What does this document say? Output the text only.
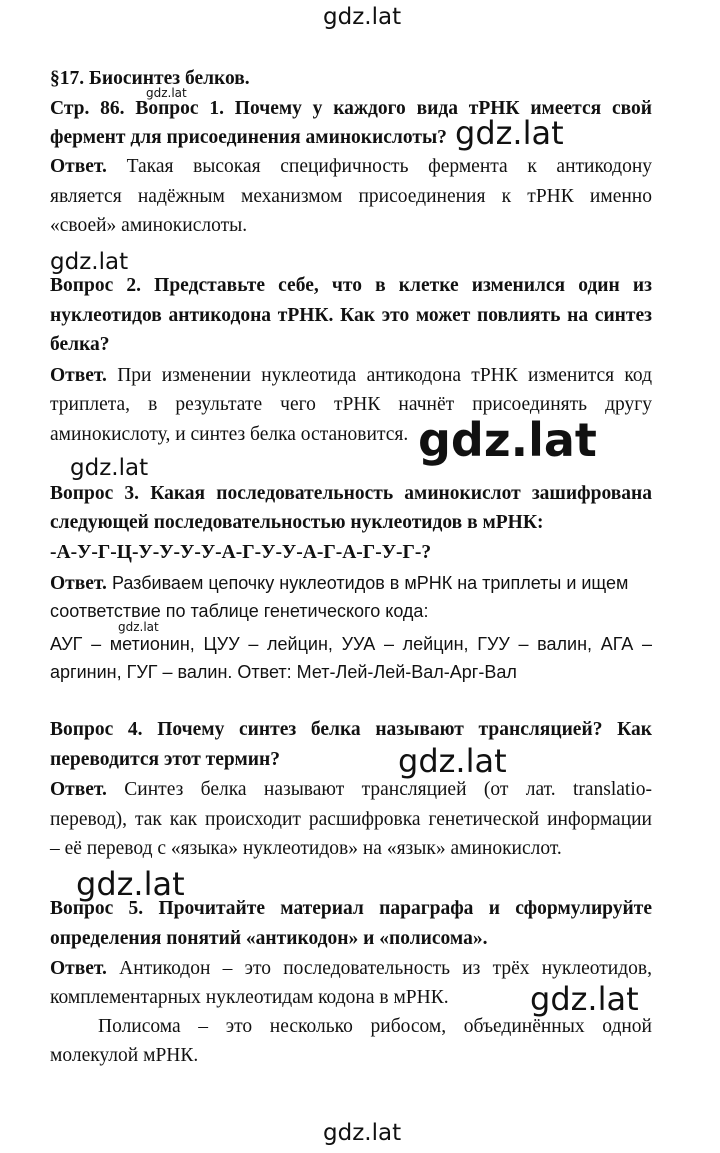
gdz.lat
§17. Биосинтез белков.
gdz.lat
Стр. 86. Вопрос 1. Почему у каждого вида тРНК имеется свой
фермент для присоединения аминокислоты? gdz.lat
Ответ. Такая высокая специфичность фермента к антикодону
является надёжным механизмом присоединения к тРНК именно
«своей» аминокислоты.
gdz.lat
Вопрос 2. Представьте себе, что в клетке изменился один из
нуклеотидов антикодона тРНК. Как это может повлиять на синтез
белка?
Ответ. При изменении нуклеотида антикодона тРНК изменится код
триплета, в результате чего тРНК начнёт присоединять другу
аминокислоту, и синтез белка остановится. gdz.lat
gdz.lat
Вопрос 3. Какая последовательность аминокислот зашифрована
следующей последовательностью нуклеотидов в мРНК:
-А-У-Г-Ц-У-У-У-У-А-Г-У-У-А-Г-А-Г-У-Г-?
Ответ. Разбиваем цепочку нуклеотидов в мРНК на триплеты и ищем
соответствие по таблице генетического кода:
gdz.lat
АУГ – метионин, ЦУУ – лейцин, УУА – лейцин, ГУУ – валин, АГА –
аргинин, ГУГ – валин. Ответ: Мет-Лей-Лей-Вал-Арг-Вал
Вопрос 4. Почему синтез белка называют трансляцией? Как
переводится этот термин?	gdz.lat
Ответ. Синтез белка называют трансляцией (от лат. translatio-
перевод), так как происходит расшифровка генетической информации
– её перевод с «языка» нуклеотидов» на «язык» аминокислот.
gdz.lat
Вопрос 5. Прочитайте материал параграфа и сформулируйте
определения понятий «антикодон» и «полисома».
Ответ. Антикодон – это последовательность из трёх нуклеотидов,
комплементарных нуклеотидам кодона в мРНК.	gdz.lat
Полисома – это несколько рибосом, объединённых одной
молекулой мРНК.
gdz.lat
